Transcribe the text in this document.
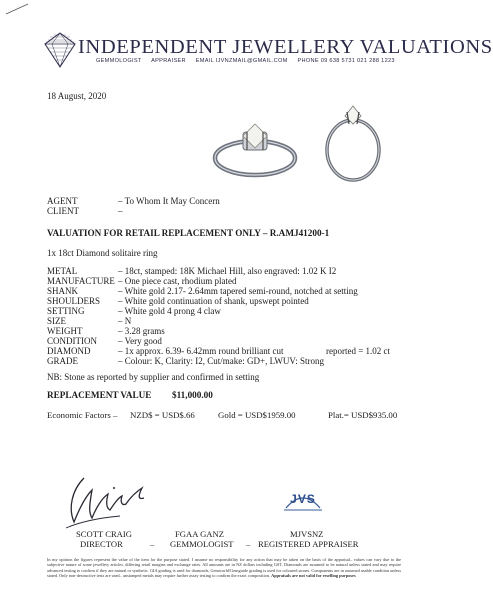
INDEPENDENT JEWELLERY VALUATIONS
GEMMOLOGIST APPRAISER EMAIL IJVNZMAIL@GMAIL.COM PHONE 09 638 5731 021 288 1223
18 August, 2020
AGENT	– To Whom It May Concern
CLIENT	–
VALUATION FOR RETAIL REPLACEMENT ONLY – R.AMJ41200-1
1x 18ct Diamond solitaire ring
METAL	– 18ct, stamped: 18K Michael Hill, also engraved: 1.02 K I2
MANUFACTURE – One piece cast, rhodium plated
SHANK	– White gold 2.17- 2.64mm tapered semi-round, notched at setting
SHOULDERS – White gold continuation of shank, upswept pointed
SETTING	– White gold 4 prong 4 claw
SIZE	– N
WEIGHT	– 3.28 grams
CONDITION – Very good
DIAMOND	– 1x approx. 6.39- 6.42mm round brilliant cut	reported = 1.02 ct
GRADE	– Colour: K, Clarity: I2, Cut/make: GD+, LWUV: Strong
NB: Stone as reported by supplier and confirmed in setting
REPLACEMENT VALUE $11,000.00
Economic Factors – NZD$ = USD$.66	Gold = USD$1959.00	Plat.= USD$935.00
JVS
SCOTT CRAIG	FGAA GANZ	MJVSNZ
DIRECTOR	– GEMMOLOGIST – REGISTERED APPRAISER
In my opinion the figures represent the value of the item for the purpose stated. I assume no responsibility for any action that may be taken on the basis of the appraisal– values can vary due to the subjective nature of some jewellery articles, differing retail margins and exchange rates. All amounts are in NZ dollars including GST. Diamonds are assumed to be natural unless stated and may require advanced testing to confirm if they are natural or synthetic. GIA grading is used for diamonds, Gemworld/Gemguide grading is used for coloured stones. Components are in assumed usable condition unless stated. Only non-destructive tests are used– unstamped metals may require further assay testing to confirm the exact composition. Appraisals are not valid for reselling purposes
